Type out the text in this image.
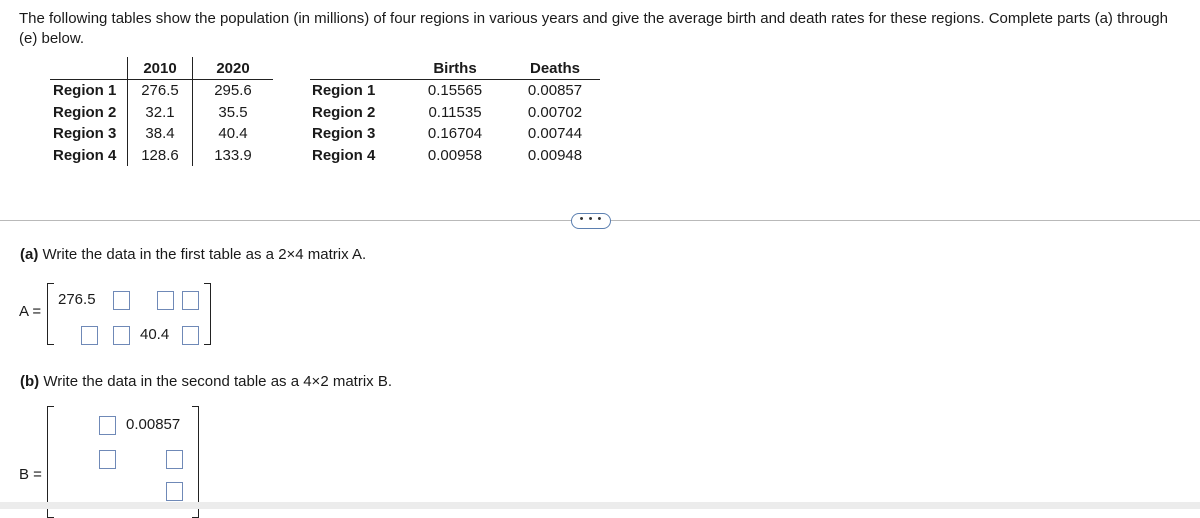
The following tables show the population (in millions) of four regions in various years and give the average birth and death rates for these regions. Complete parts (a) through (e) below.
	2010	2020
Region 1	276.5	295.6
Region 2	32.1	35.5
Region 3	38.4	40.4
Region 4	128.6	133.9
	Births	Deaths
Region 1	0.15565	0.00857
Region 2	0.11535	0.00702
Region 3	0.16704	0.00744
Region 4	0.00958	0.00948
• • •
(a) Write the data in the first table as a 2×4 matrix A.
A =
276.5
40.4
(b) Write the data in the second table as a 4×2 matrix B.
B =
0.00857
